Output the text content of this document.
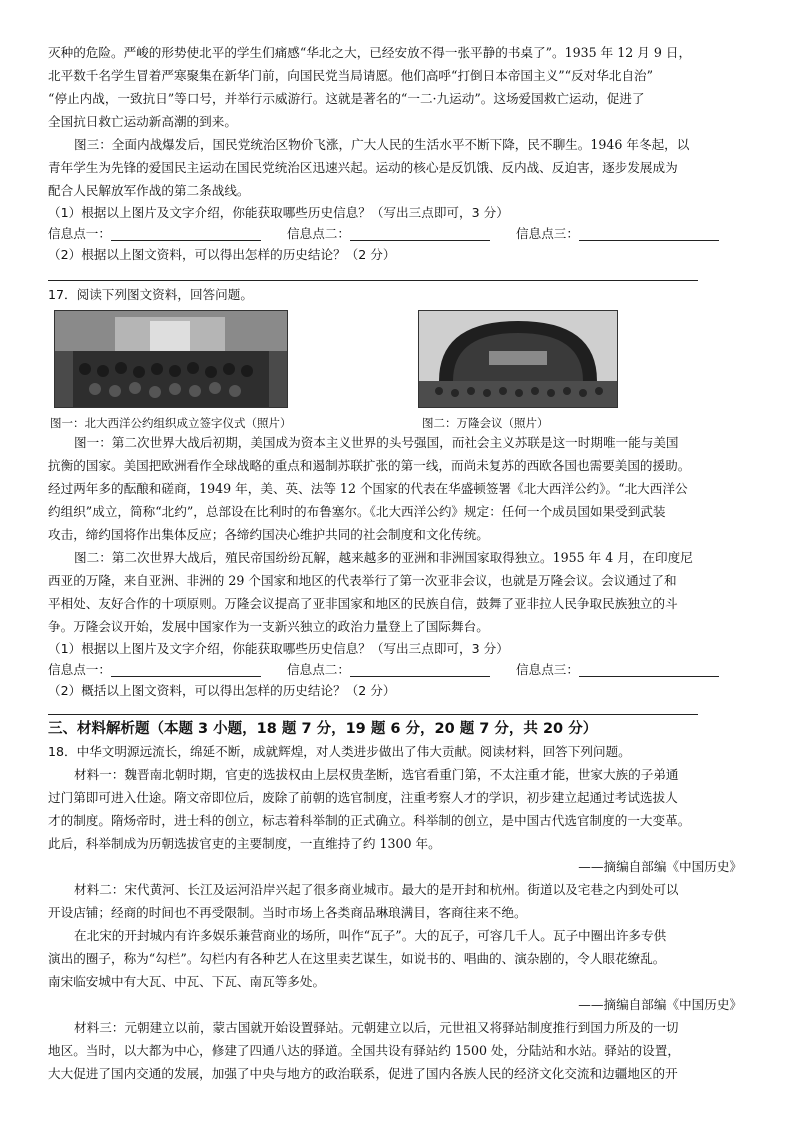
灭种的危险。严峻的形势使北平的学生们痛感“华北之大，已经安放不得一张平静的书桌了”。1935 年 12 月 9 日，
北平数千名学生冒着严寒聚集在新华门前，向国民党当局请愿。他们高呼“打倒日本帝国主义”“反对华北自治”
“停止内战，一致抗日”等口号，并举行示威游行。这就是著名的“一二·九运动”。这场爱国救亡运动，促进了
全国抗日救亡运动新高潮的到来。
图三：全面内战爆发后，国民党统治区物价飞涨，广大人民的生活水平不断下降，民不聊生。1946 年冬起，以
青年学生为先锋的爱国民主运动在国民党统治区迅速兴起。运动的核心是反饥饿、反内战、反迫害，逐步发展成为
配合人民解放军作战的第二条战线。
（1）根据以上图片及文字介绍，你能获取哪些历史信息？（写出三点即可，3 分）
信息点一：	信息点二：	信息点三：
（2）根据以上图文资料，可以得出怎样的历史结论？（2 分）
17．阅读下列图文资料，回答问题。
图一：北大西洋公约组织成立签字仪式（照片）	图二：万隆会议（照片）
图一：第二次世界大战后初期，美国成为资本主义世界的头号强国，而社会主义苏联是这一时期唯一能与美国
抗衡的国家。美国把欧洲看作全球战略的重点和遏制苏联扩张的第一线，而尚未复苏的西欧各国也需要美国的援助。
经过两年多的酝酿和磋商，1949 年，美、英、法等 12 个国家的代表在华盛顿签署《北大西洋公约》。“北大西洋公
约组织”成立，简称“北约”，总部设在比利时的布鲁塞尔。《北大西洋公约》规定：任何一个成员国如果受到武装
攻击，缔约国将作出集体反应；各缔约国决心维护共同的社会制度和文化传统。
图二：第二次世界大战后，殖民帝国纷纷瓦解，越来越多的亚洲和非洲国家取得独立。1955 年 4 月，在印度尼
西亚的万隆，来自亚洲、非洲的 29 个国家和地区的代表举行了第一次亚非会议，也就是万隆会议。会议通过了和
平相处、友好合作的十项原则。万隆会议提高了亚非国家和地区的民族自信，鼓舞了亚非拉人民争取民族独立的斗
争。万隆会议开始，发展中国家作为一支新兴独立的政治力量登上了国际舞台。
（1）根据以上图片及文字介绍，你能获取哪些历史信息？（写出三点即可，3 分）
信息点一：	信息点二：	信息点三：
（2）概括以上图文资料，可以得出怎样的历史结论？（2 分）
三、材料解析题（本题 3 小题，18 题 7 分，19 题 6 分，20 题 7 分，共 20 分）
18．中华文明源远流长，绵延不断，成就辉煌，对人类进步做出了伟大贡献。阅读材料，回答下列问题。
材料一：魏晋南北朝时期，官吏的选拔权由上层权贵垄断，选官看重门第，不太注重才能，世家大族的子弟通
过门第即可进入仕途。隋文帝即位后，废除了前朝的选官制度，注重考察人才的学识，初步建立起通过考试选拔人
才的制度。隋炀帝时，进士科的创立，标志着科举制的正式确立。科举制的创立，是中国古代选官制度的一大变革。
此后，科举制成为历朝选拔官吏的主要制度，一直维持了约 1300 年。
——摘编自部编《中国历史》
材料二：宋代黄河、长江及运河沿岸兴起了很多商业城市。最大的是开封和杭州。街道以及宅巷之内到处可以
开设店铺；经商的时间也不再受限制。当时市场上各类商品琳琅满目，客商往来不绝。
在北宋的开封城内有许多娱乐兼营商业的场所，叫作“瓦子”。大的瓦子，可容几千人。瓦子中圈出许多专供
演出的圈子，称为“勾栏”。勾栏内有各种艺人在这里卖艺谋生，如说书的、唱曲的、演杂剧的，令人眼花缭乱。
南宋临安城中有大瓦、中瓦、下瓦、南瓦等多处。
——摘编自部编《中国历史》
材料三：元朝建立以前，蒙古国就开始设置驿站。元朝建立以后，元世祖又将驿站制度推行到国力所及的一切
地区。当时，以大都为中心，修建了四通八达的驿道。全国共设有驿站约 1500 处，分陆站和水站。驿站的设置，
大大促进了国内交通的发展，加强了中央与地方的政治联系，促进了国内各族人民的经济文化交流和边疆地区的开
